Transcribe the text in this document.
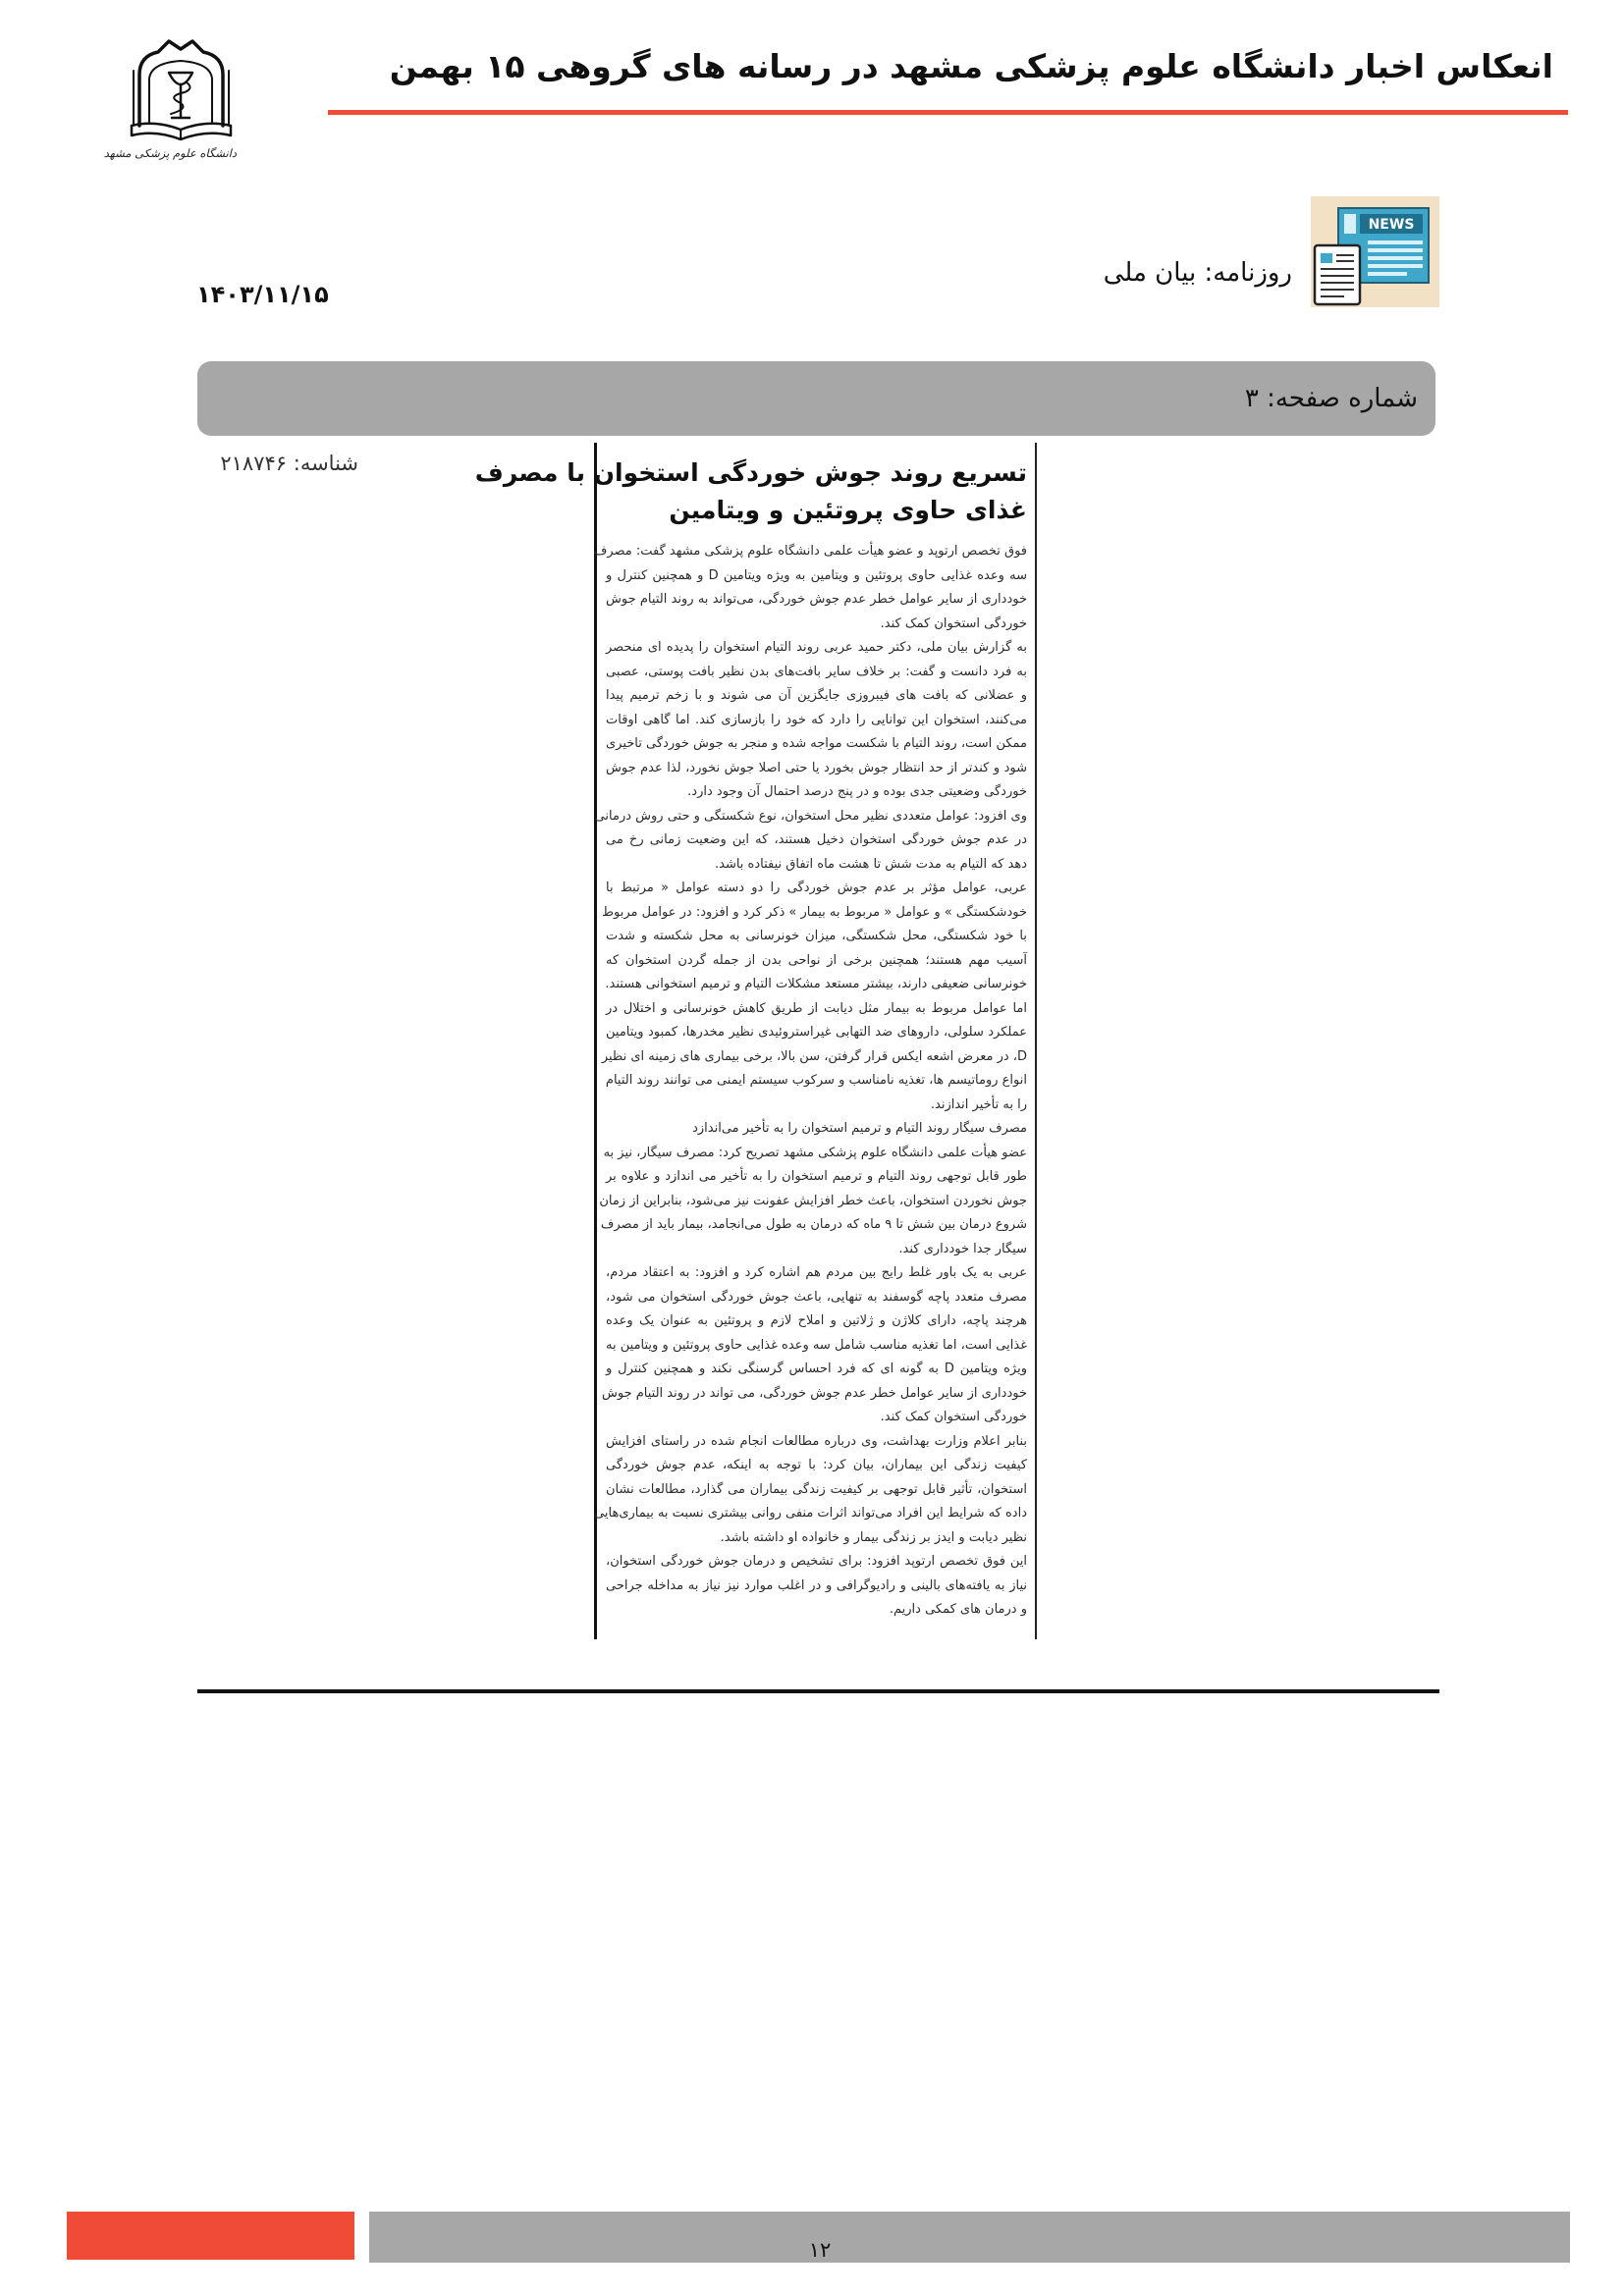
انعکاس اخبار دانشگاه علوم پزشکی مشهد در رسانه های گروهی ۱۵ بهمن
دانشگاه علوم پزشکی مشهد
NEWS
روزنامه: بیان ملی
۱۴۰۳/۱۱/۱۵
شماره صفحه: ۳
شناسه: ۲۱۸۷۴۶	تسریع روند جوش خوردگی استخوان با مصرف
غذای حاوی پروتئین و ویتامین
فوق تخصص ارتوپد و عضو هیأت علمی دانشگاه علوم پزشکی مشهد گفت: مصرف
سه وعده غذایی حاوی پروتئین و ویتامین به ویژه ویتامین D و همچنین کنترل و
خودداری از سایر عوامل خطر عدم جوش خوردگی، می‌تواند به روند التیام جوش
خوردگی استخوان کمک کند.
به گزارش بیان ملی، دکتر حمید عربی روند التیام استخوان را پدیده ای منحصر
به فرد دانست و گفت: بر خلاف سایر بافت‌های بدن نظیر بافت پوستی، عصبی
و عضلانی که بافت های فیبروزی جایگزین آن می شوند و با زخم ترمیم پیدا
می‌کنند، استخوان این توانایی را دارد که خود را بازسازی کند. اما گاهی اوقات
ممکن است، روند التیام با شکست مواجه شده و منجر به جوش خوردگی تاخیری
شود و کندتر از حد انتظار جوش بخورد یا حتی اصلا جوش نخورد، لذا عدم جوش
خوردگی وضعیتی جدی بوده و در پنج درصد احتمال آن وجود دارد.
وی افزود: عوامل متعددی نظیر محل استخوان، نوع شکستگی و حتی روش درمانی
در عدم جوش خوردگی استخوان دخیل هستند، که این وضعیت زمانی رخ می
دهد که التیام به مدت شش تا هشت ماه اتفاق نیفتاده باشد.
عربی، عوامل مؤثر بر عدم جوش خوردگی را دو دسته عوامل « مرتبط با
خودشکستگی » و عوامل « مربوط به بیمار » ذکر کرد و افزود: در عوامل مربوط
با خود شکستگی، محل شکستگی، میزان خونرسانی به محل شکسته و شدت
آسیب مهم هستند؛ همچنین برخی از نواحی بدن از جمله گردن استخوان که
خونرسانی ضعیفی دارند، بیشتر مستعد مشکلات التیام و ترمیم استخوانی هستند.
اما عوامل مربوط به بیمار مثل دیابت از طریق کاهش خونرسانی و اختلال در
عملکرد سلولی، داروهای ضد التهابی غیراستروئیدی نظیر مخدرها، کمبود ویتامین
D، در معرض اشعه ایکس قرار گرفتن، سن بالا، برخی بیماری های زمینه ای نظیر
انواع روماتیسم ها، تغذیه نامناسب و سرکوب سیستم ایمنی می توانند روند التیام
را به تأخیر اندازند.
مصرف سیگار روند التیام و ترمیم استخوان را به تأخیر می‌اندازد
عضو هیأت علمی دانشگاه علوم پزشکی مشهد تصریح کرد: مصرف سیگار، نیز به
طور قابل توجهی روند التیام و ترمیم استخوان را به تأخیر می اندازد و علاوه بر
جوش نخوردن استخوان، باعث خطر افزایش عفونت نیز می‌شود، بنابراین از زمان
شروع درمان بین شش تا ۹ ماه که درمان به طول می‌انجامد، بیمار باید از مصرف
سیگار جدا خودداری کند.
عربی به یک باور غلط رایج بین مردم هم اشاره کرد و افزود: به اعتقاد مردم،
مصرف متعدد پاچه گوسفند به تنهایی، باعث جوش خوردگی استخوان می شود،
هرچند پاچه، دارای کلاژن و ژلاتین و املاح لازم و پروتئین به عنوان یک وعده
غذایی است، اما تغذیه مناسب شامل سه وعده غذایی حاوی پروتئین و ویتامین به
ویژه ویتامین D به گونه ای که فرد احساس گرسنگی نکند و همچنین کنترل و
خودداری از سایر عوامل خطر عدم جوش خوردگی، می تواند در روند التیام جوش
خوردگی استخوان کمک کند.
بنابر اعلام وزارت بهداشت، وی درباره مطالعات انجام شده در راستای افزایش
کیفیت زندگی این بیماران، بیان کرد: با توجه به اینکه، عدم جوش خوردگی
استخوان، تأثیر قابل توجهی بر کیفیت زندگی بیماران می گذارد، مطالعات نشان
داده که شرایط این افراد می‌تواند اثرات منفی روانی بیشتری نسبت به بیماری‌هایی
نظیر دیابت و ایدز بر زندگی بیمار و خانواده او داشته باشد.
این فوق تخصص ارتوپد افزود: برای تشخیص و درمان جوش خوردگی استخوان،
نیاز به یافته‌های بالینی و رادیوگرافی و در اغلب موارد نیز نیاز به مداخله جراحی
و درمان های کمکی داریم.
۱۲
